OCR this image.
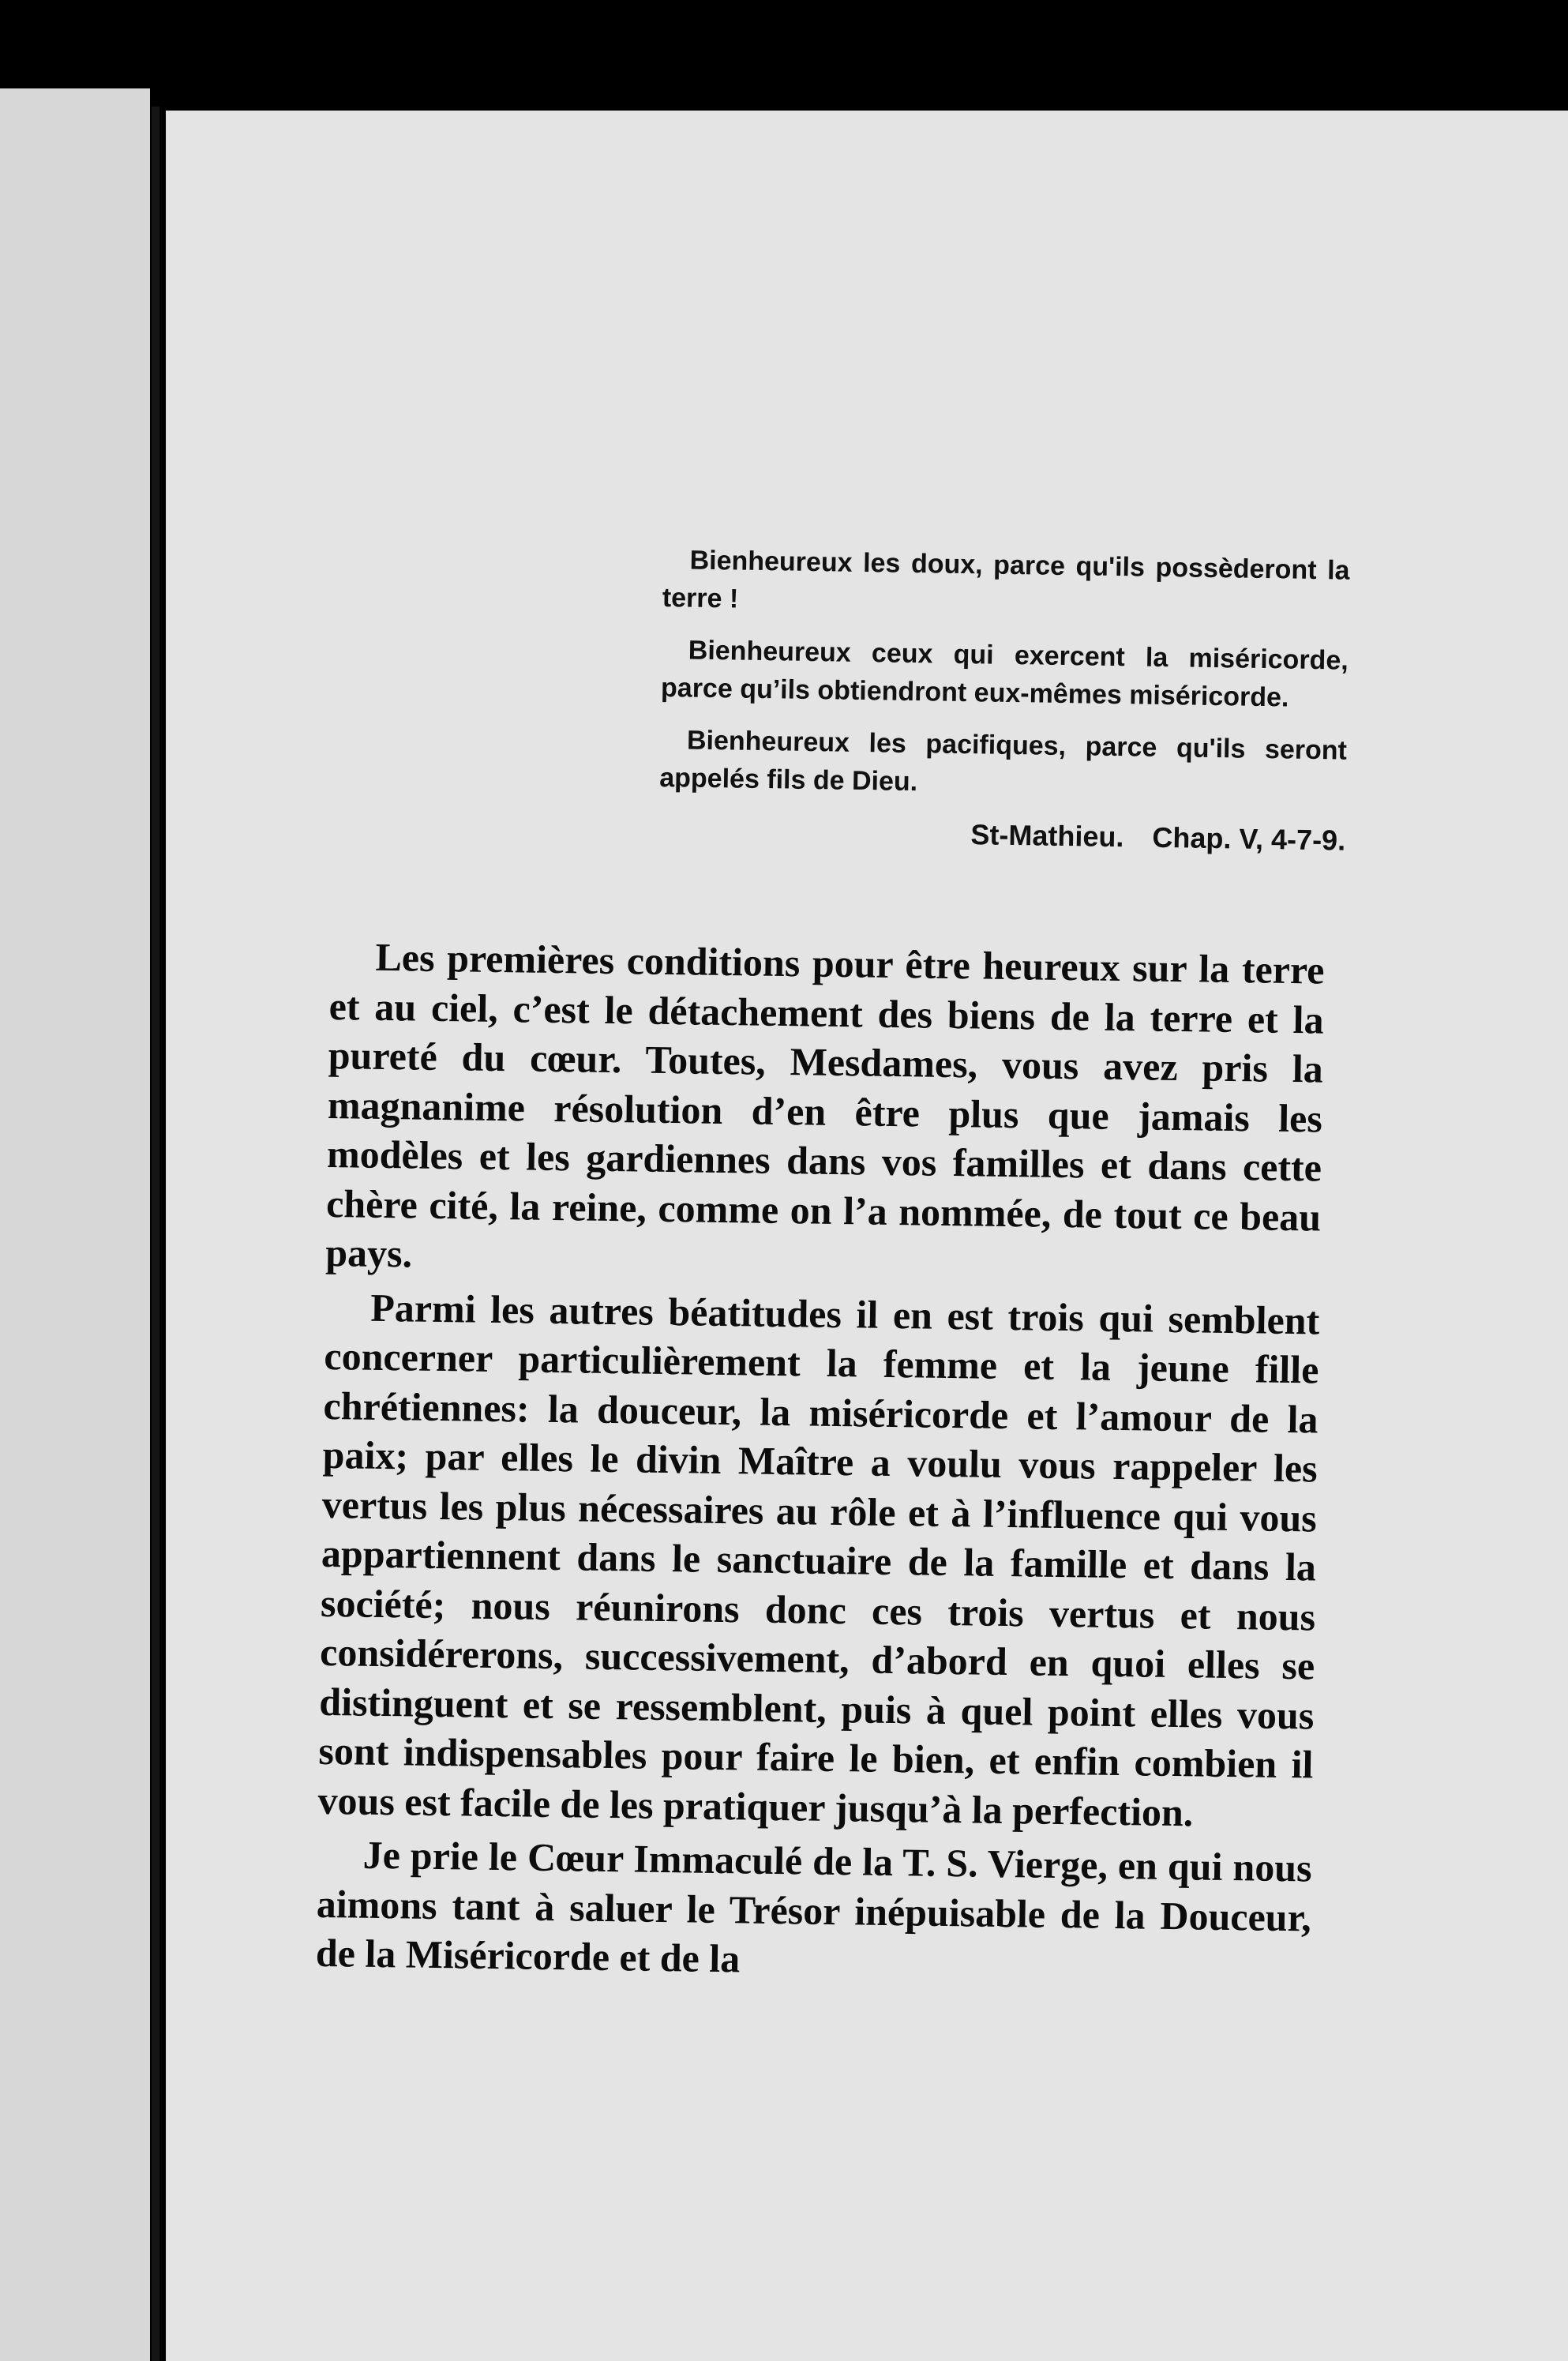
Bienheureux les doux, parce qu'ils possèderont la terre !

Bienheureux ceux qui exercent la miséricorde, parce qu’ils obtiendront eux-mêmes miséricorde.

Bienheureux les pacifiques, parce qu'ils seront appelés fils de Dieu.

St-Mathieu. Chap. V, 4-7-9.

Les premières conditions pour être heureux sur la terre et au ciel, c’est le détachement des biens de la terre et la pureté du cœur. Toutes, Mesdames, vous avez pris la magnanime résolution d’en être plus que jamais les modèles et les gardiennes dans vos familles et dans cette chère cité, la reine, comme on l’a nommée, de tout ce beau pays.

Parmi les autres béatitudes il en est trois qui semblent concerner particulièrement la femme et la jeune fille chrétiennes: la douceur, la miséricorde et l’amour de la paix; par elles le divin Maître a voulu vous rappeler les vertus les plus nécessaires au rôle et à l’influence qui vous appartiennent dans le sanctuaire de la famille et dans la société; nous réunirons donc ces trois vertus et nous considérerons, successivement, d’abord en quoi elles se distinguent et se ressemblent, puis à quel point elles vous sont indispensables pour faire le bien, et enfin combien il vous est facile de les pratiquer jusqu’à la perfection.

Je prie le Cœur Immaculé de la T. S. Vierge, en qui nous aimons tant à saluer le Trésor inépuisable de la Douceur, de la Miséricorde et de la
